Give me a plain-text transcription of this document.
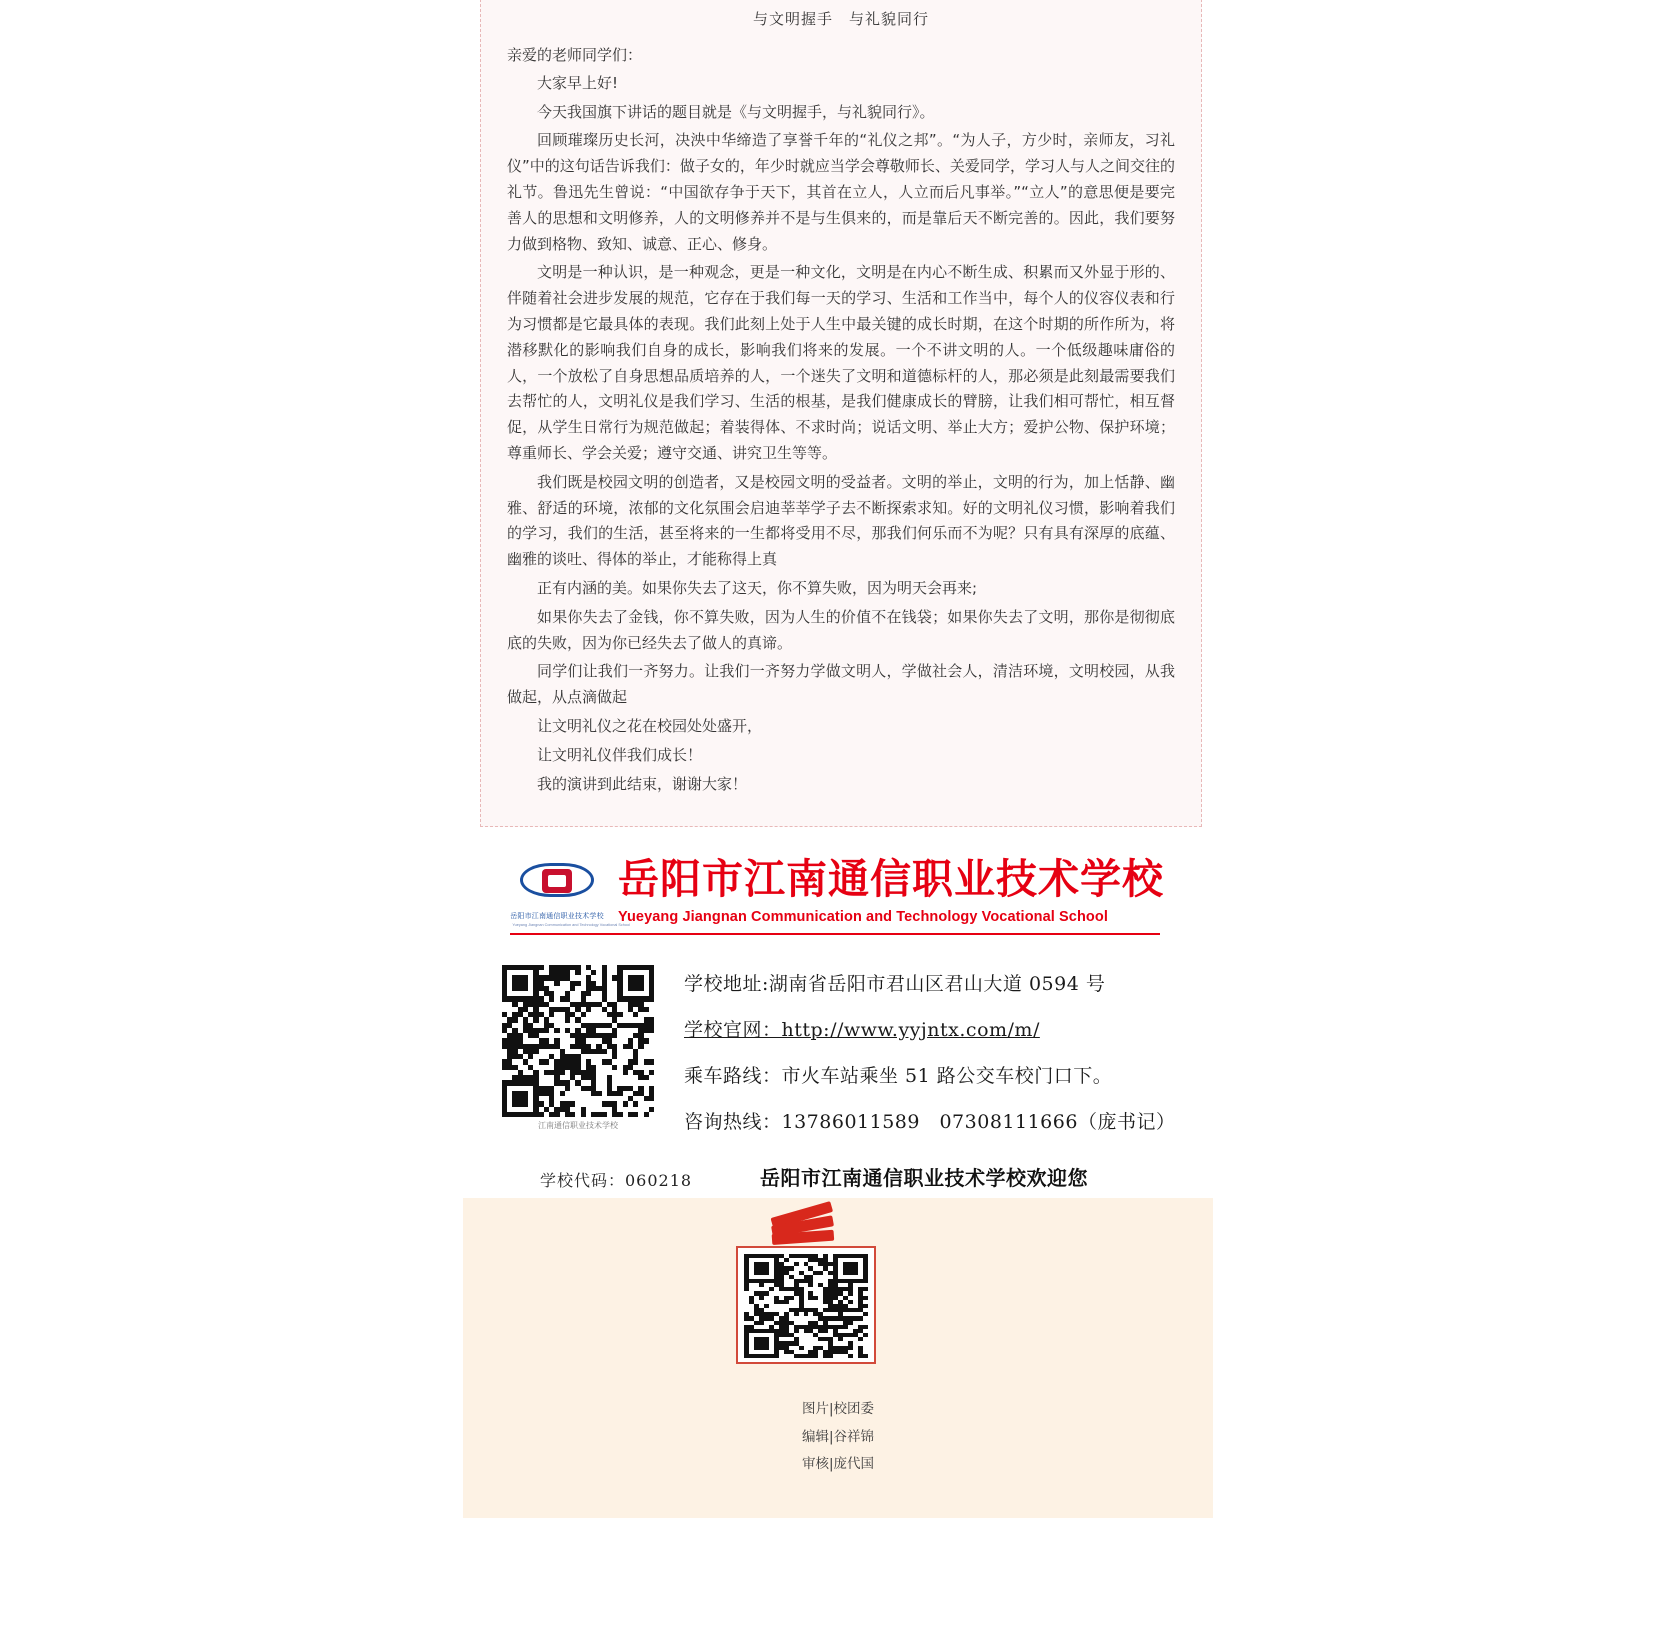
与文明握手　与礼貌同行
亲爱的老师同学们：

大家早上好!

今天我国旗下讲话的题目就是《与文明握手，与礼貌同行》。

回顾璀璨历史长河，决泱中华缔造了享誉千年的“礼仪之邦”。“为人子，方少时，亲师友，习礼仪”中的这句话告诉我们：做子女的，年少时就应当学会尊敬师长、关爱同学，学习人与人之间交往的礼节。鲁迅先生曾说：“中国欲存争于天下，其首在立人，人立而后凡事举。”“立人”的意思便是要完善人的思想和文明修养，人的文明修养并不是与生俱来的，而是靠后天不断完善的。因此，我们要努力做到格物、致知、诚意、正心、修身。

文明是一种认识，是一种观念，更是一种文化，文明是在内心不断生成、积累而又外显于形的、伴随着社会进步发展的规范，它存在于我们每一天的学习、生活和工作当中，每个人的仪容仪表和行为习惯都是它最具体的表现。我们此刻上处于人生中最关键的成长时期，在这个时期的所作所为，将潜移默化的影响我们自身的成长，影响我们将来的发展。一个不讲文明的人。一个低级趣味庸俗的人，一个放松了自身思想品质培养的人，一个迷失了文明和道德标杆的人，那必须是此刻最需要我们去帮忙的人，文明礼仪是我们学习、生活的根基，是我们健康成长的臂膀，让我们相可帮忙，相互督促，从学生日常行为规范做起；着装得体、不求时尚；说话文明、举止大方；爱护公物、保护环境；尊重师长、学会关爱；遵守交通、讲究卫生等等。

我们既是校园文明的创造者，又是校园文明的受益者。文明的举止，文明的行为，加上恬静、幽雅、舒适的环境，浓郁的文化氛围会启迪莘莘学子去不断探索求知。好的文明礼仪习惯，影响着我们的学习，我们的生活，甚至将来的一生都将受用不尽，那我们何乐而不为呢？只有具有深厚的底蕴、幽雅的谈吐、得体的举止，才能称得上真

正有内涵的美。如果你失去了这天，你不算失败，因为明天会再来;

如果你失去了金钱，你不算失败，因为人生的价值不在钱袋；如果你失去了文明，那你是彻彻底底的失败，因为你已经失去了做人的真谛。

同学们让我们一齐努力。让我们一齐努力学做文明人，学做社会人，清洁环境，文明校园，从我做起，从点滴做起

让文明礼仪之花在校园处处盛开，

让文明礼仪伴我们成长！

我的演讲到此结束，谢谢大家！

岳阳市江南通信职业技术学校
Yueyang Jiangnan Communication and Technology Vocational School
岳阳市江南通信职业技术学校
Yueyang Jiangnan Communication and Technology Vocational School
江南通信职业技术学校
学校地址:湖南省岳阳市君山区君山大道 0594 号
学校官网：http://www.yyjntx.com/m/
乘车路线：市火车站乘坐 51 路公交车校门口下。
咨询热线：13786011589　07308111666（庞书记）
学校代码：060218	岳阳市江南通信职业技术学校欢迎您
图片|校团委
编辑|谷祥锦
审核|庞代国
